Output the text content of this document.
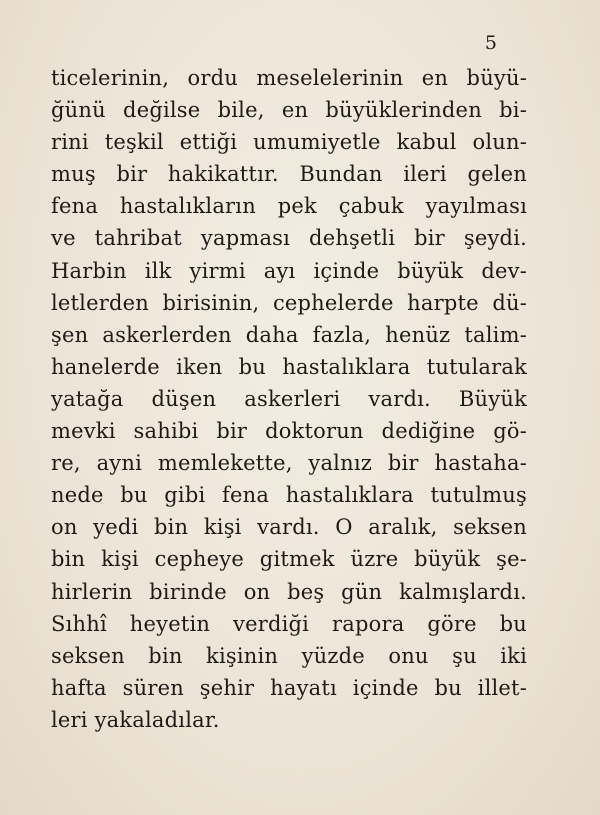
5
ticelerinin, ordu meselelerinin en büyü-
ğünü değilse bile, en büyüklerinden bi-
rini teşkil ettiği umumiyetle kabul olun-
muş bir hakikattır. Bundan ileri gelen
fena hastalıkların pek çabuk yayılması
ve tahribat yapması dehşetli bir şeydi.
Harbin ilk yirmi ayı içinde büyük dev-
letlerden birisinin, cephelerde harpte dü-
şen askerlerden daha fazla, henüz talim-
hanelerde iken bu hastalıklara tutularak
yatağa düşen askerleri vardı. Büyük
mevki sahibi bir doktorun dediğine gö-
re, ayni memlekette, yalnız bir hastaha-
nede bu gibi fena hastalıklara tutulmuş
on yedi bin kişi vardı. O aralık, seksen
bin kişi cepheye gitmek üzre büyük şe-
hirlerin birinde on beş gün kalmışlardı.
Sıhhî heyetin verdiği rapora göre bu
seksen bin kişinin yüzde onu şu iki
hafta süren şehir hayatı içinde bu illet-
leri yakaladılar.
